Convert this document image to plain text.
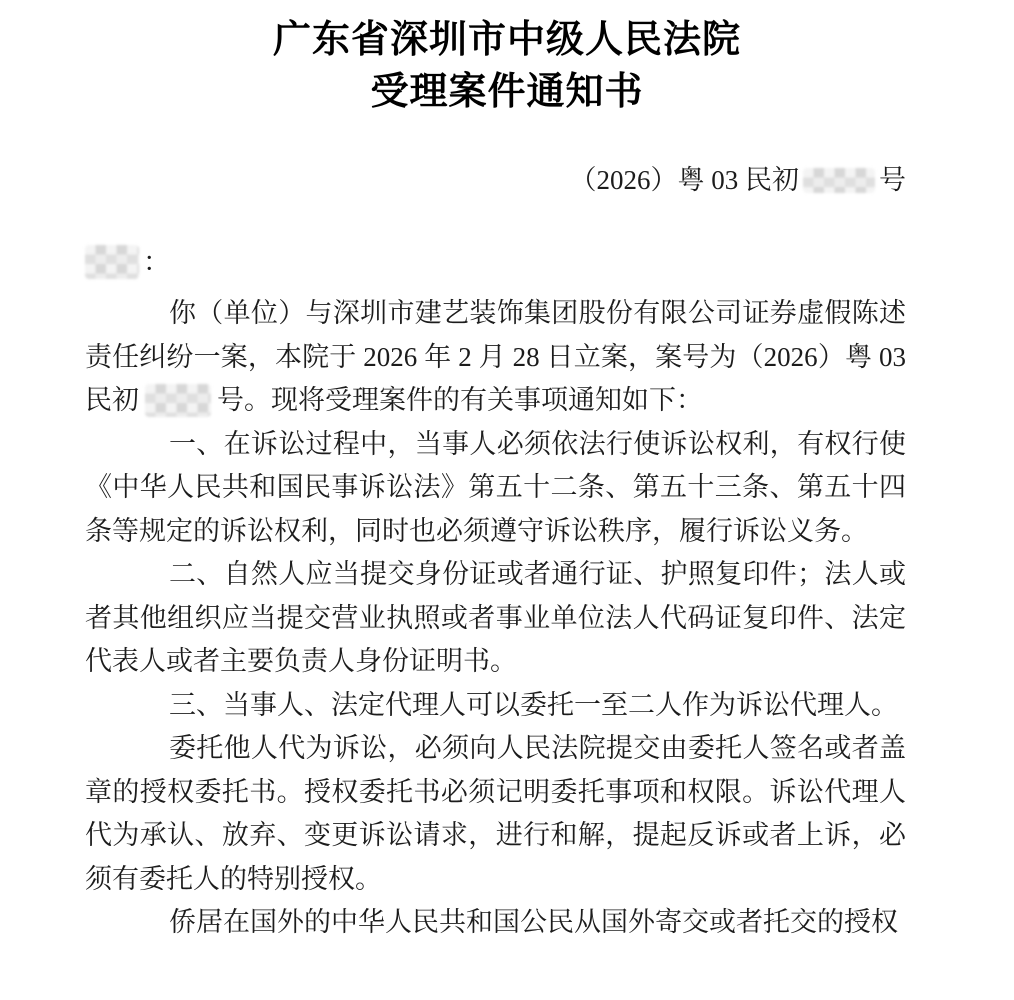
广东省深圳市中级人民法院
受理案件通知书
（2026）粤 03 民初	号
：

你（单位）与深圳市建艺装饰集团股份有限公司证券虚假陈述责任纠纷一案，本院于 2026 年 2 月 28 日立案，案号为（2026）粤 03 民初	号。现将受理案件的有关事项通知如下：

一、在诉讼过程中，当事人必须依法行使诉讼权利，有权行使《中华人民共和国民事诉讼法》第五十二条、第五十三条、第五十四条等规定的诉讼权利，同时也必须遵守诉讼秩序，履行诉讼义务。

二、自然人应当提交身份证或者通行证、护照复印件；法人或者其他组织应当提交营业执照或者事业单位法人代码证复印件、法定代表人或者主要负责人身份证明书。

三、当事人、法定代理人可以委托一至二人作为诉讼代理人。

委托他人代为诉讼，必须向人民法院提交由委托人签名或者盖章的授权委托书。授权委托书必须记明委托事项和权限。诉讼代理人代为承认、放弃、变更诉讼请求，进行和解，提起反诉或者上诉，必须有委托人的特别授权。

侨居在国外的中华人民共和国公民从国外寄交或者托交的授权
